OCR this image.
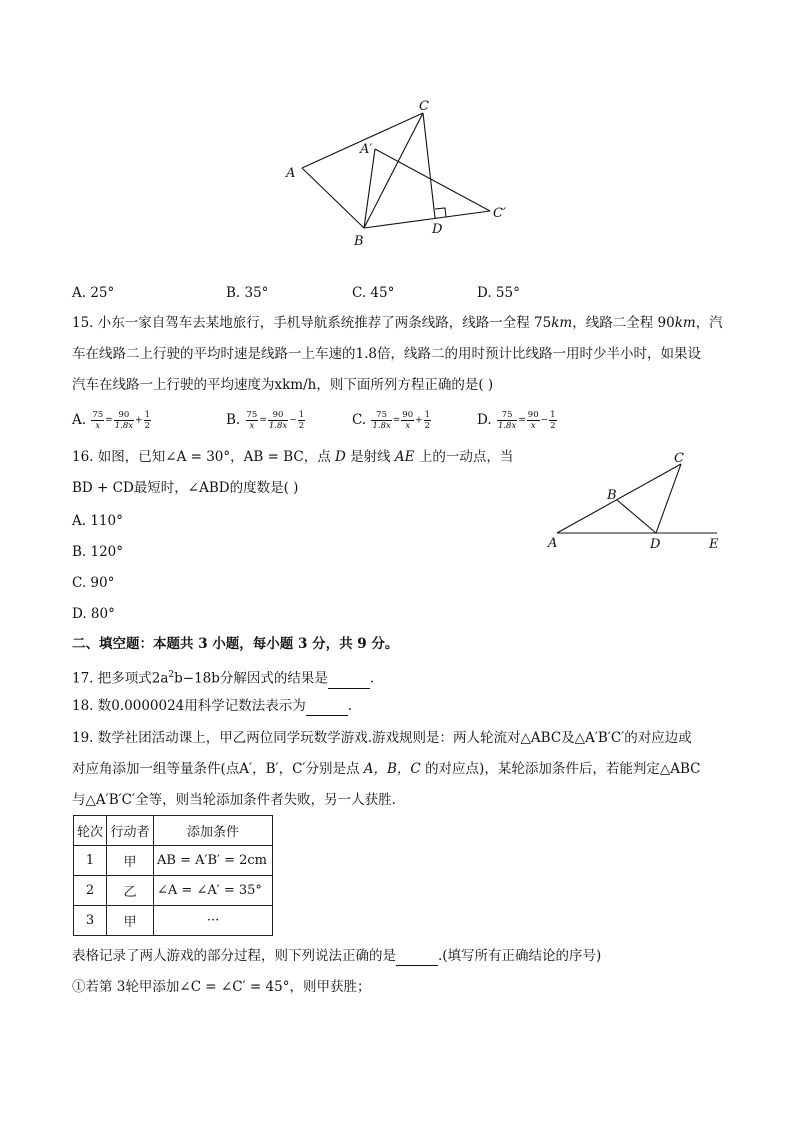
A
B
C
D
A′
C′
A. 25°	B. 35°	C. 45°	D. 55°
15. 小东一家自驾车去某地旅行，手机导航系统推荐了两条线路，线路一全程 75km，线路二全程 90km，汽
车在线路二上行驶的平均时速是线路一上车速的1.8倍，线路二的用时预计比线路一用时少半小时，如果设
汽车在线路一上行驶的平均速度为xkm/h，则下面所列方程正确的是( )
A. $\frac{75}{x} = \frac{90}{1.8x} + \frac{1}{2}$	B. $\frac{75}{x} = \frac{90}{1.8x} - \frac{1}{2}$	C. $\frac{75}{1.8x} = \frac{90}{x} + \frac{1}{2}$	D. $\frac{75}{1.8x} = \frac{90}{x} - \frac{1}{2}$
16. 如图，已知∠A = 30°，AB = BC，点 D 是射线 AE 上的一动点，当
BD + CD最短时，∠ABD的度数是( )
A. 110°
B. 120°
C. 90°
D. 80°
A
B
C
D	E
二、填空题：本题共 3 小题，每小题 3 分，共 9 分。
17. 把多项式$2a^2b-18b$分解因式的结果是	.
18. 数0.0000024用科学记数法表示为	.
19. 数学社团活动课上，甲乙两位同学玩数学游戏.游戏规则是：两人轮流对△ABC及△A′B′C′的对应边或
对应角添加一组等量条件(点A′，B′，C′分别是点 A，B，C 的对应点)，某轮添加条件后，若能判定△ABC
与△A′B′C′全等，则当轮添加条件者失败，另一人获胜.
轮次	行动者	添加条件
1	甲	AB = A′B′ = 2cm
2	乙	∠A = ∠A′ = 35°
3	甲	···
表格记录了两人游戏的部分过程，则下列说法正确的是	.(填写所有正确结论的序号)
①若第 3轮甲添加∠C = ∠C′ = 45°，则甲获胜；
